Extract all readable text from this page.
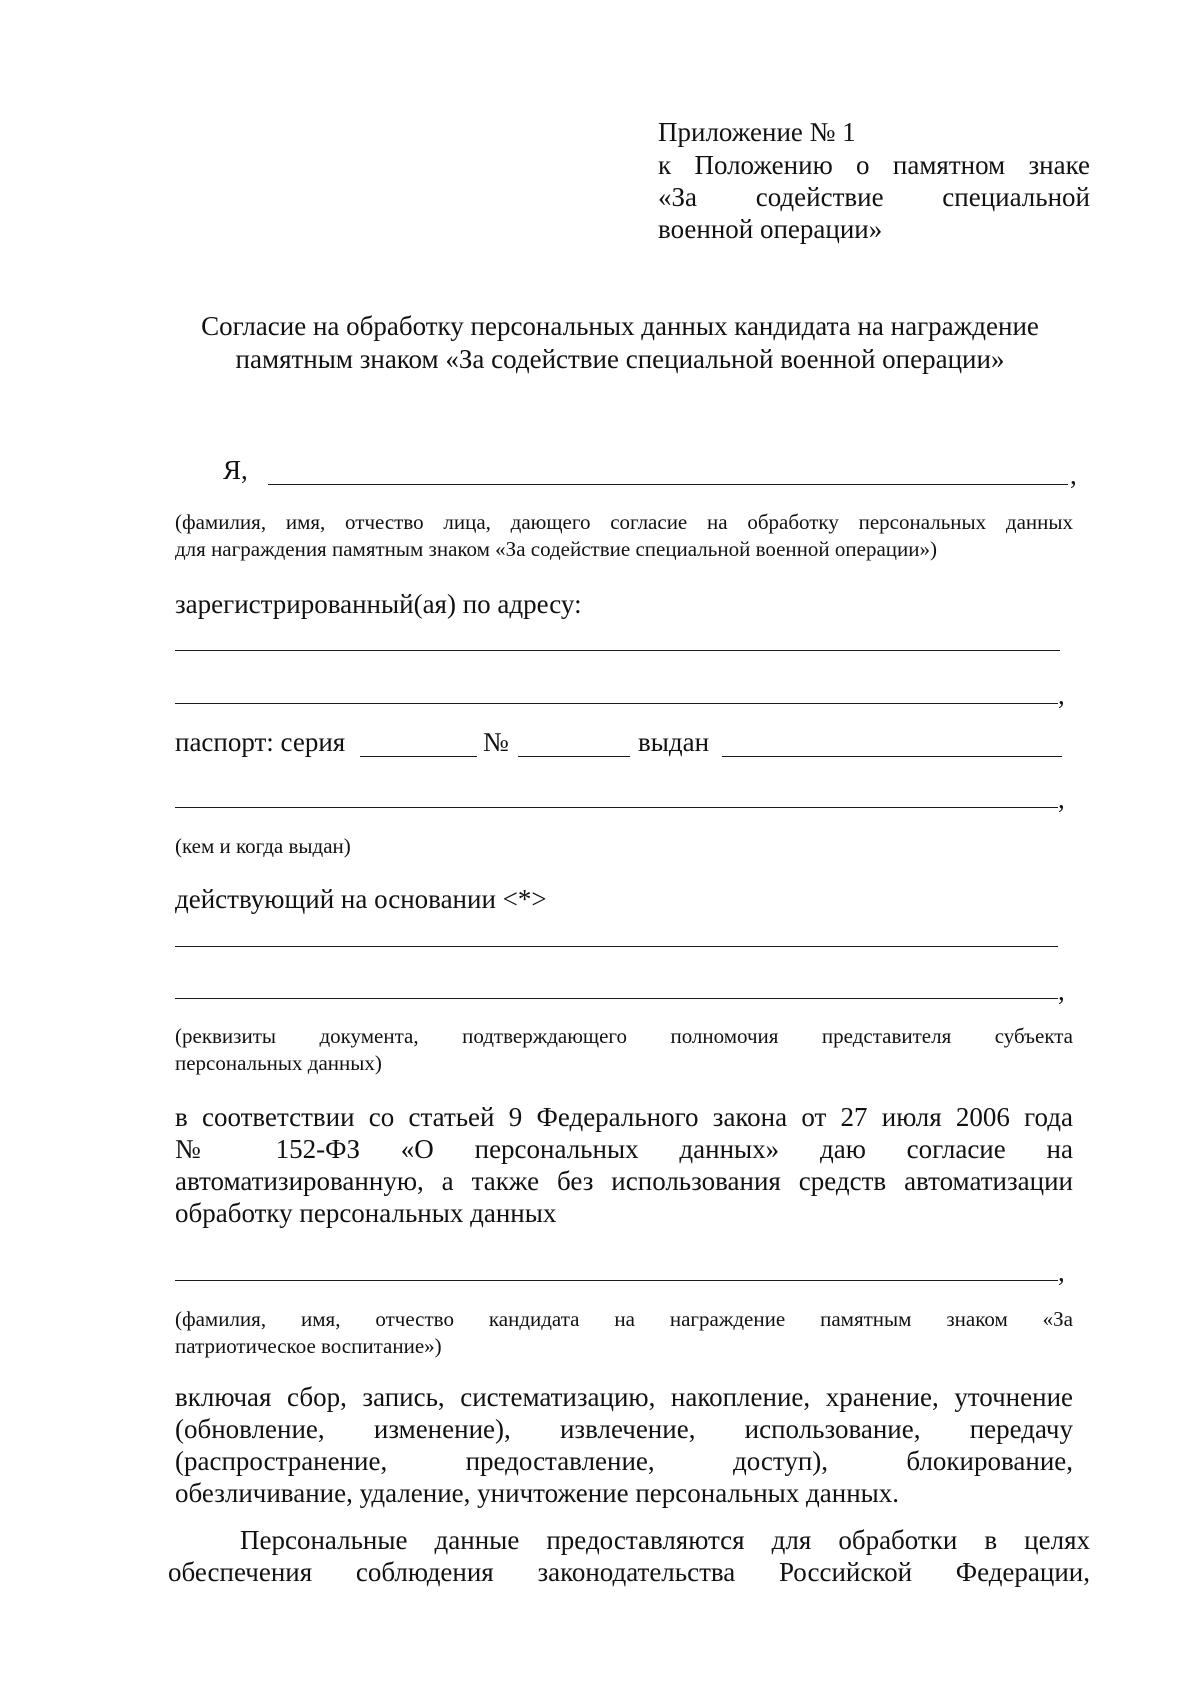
Приложение № 1
к Положению о памятном знаке
«За содействие специальной
военной операции»
Согласие на обработку персональных данных кандидата на награждение
памятным знаком «За содействие специальной военной операции»
Я,	,
(фамилия, имя, отчество лица, дающего согласие на обработку персональных данных
для награждения памятным знаком «За содействие специальной военной операции»)
зарегистрированный(ая) по адресу:
,
паспорт: серия	№	выдан
,
(кем и когда выдан)
действующий на основании <*>
,
(реквизиты документа, подтверждающего полномочия представителя субъекта
персональных данных)
в соответствии со статьей 9 Федерального закона от 27 июля 2006 года
№ 152-ФЗ «О персональных данных» даю согласие на
автоматизированную, а также без использования средств автоматизации
обработку персональных данных
,
(фамилия, имя, отчество кандидата на награждение памятным знаком «За
патриотическое воспитание»)
включая сбор, запись, систематизацию, накопление, хранение, уточнение
(обновление, изменение), извлечение, использование, передачу
(распространение, предоставление, доступ), блокирование,
обезличивание, удаление, уничтожение персональных данных.
Персональные данные предоставляются для обработки в целях
обеспечения соблюдения законодательства Российской Федерации,
